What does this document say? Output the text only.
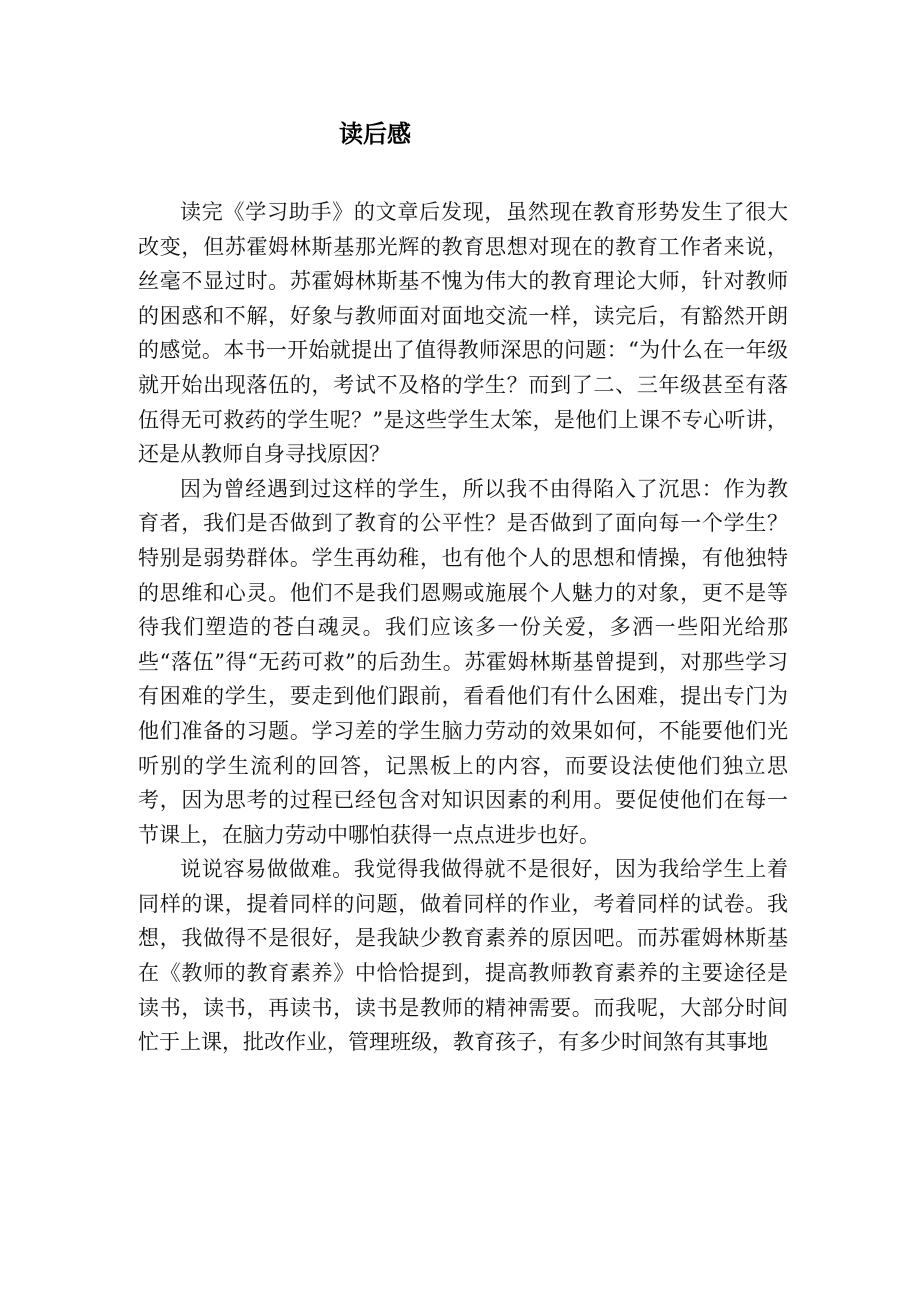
读后感

读完《学习助手》的文章后发现，虽然现在教育形势发生了很大改变，但苏霍姆林斯基那光辉的教育思想对现在的教育工作者来说，丝毫不显过时。苏霍姆林斯基不愧为伟大的教育理论大师，针对教师的困惑和不解，好象与教师面对面地交流一样，读完后，有豁然开朗的感觉。本书一开始就提出了值得教师深思的问题：“为什么在一年级就开始出现落伍的，考试不及格的学生？而到了二、三年级甚至有落伍得无可救药的学生呢？”是这些学生太笨，是他们上课不专心听讲，还是从教师自身寻找原因？

因为曾经遇到过这样的学生，所以我不由得陷入了沉思：作为教育者，我们是否做到了教育的公平性？是否做到了面向每一个学生？特别是弱势群体。学生再幼稚，也有他个人的思想和情操，有他独特的思维和心灵。他们不是我们恩赐或施展个人魅力的对象，更不是等待我们塑造的苍白魂灵。我们应该多一份关爱，多洒一些阳光给那些“落伍”得“无药可救”的后劲生。苏霍姆林斯基曾提到，对那些学习有困难的学生，要走到他们跟前，看看他们有什么困难，提出专门为他们准备的习题。学习差的学生脑力劳动的效果如何，不能要他们光听别的学生流利的回答，记黑板上的内容，而要设法使他们独立思考，因为思考的过程已经包含对知识因素的利用。要促使他们在每一节课上，在脑力劳动中哪怕获得一点点进步也好。

说说容易做做难。我觉得我做得就不是很好，因为我给学生上着同样的课，提着同样的问题，做着同样的作业，考着同样的试卷。我想，我做得不是很好，是我缺少教育素养的原因吧。而苏霍姆林斯基在《教师的教育素养》中恰恰提到，提高教师教育素养的主要途径是读书，读书，再读书，读书是教师的精神需要。而我呢，大部分时间忙于上课，批改作业，管理班级，教育孩子，有多少时间煞有其事地
